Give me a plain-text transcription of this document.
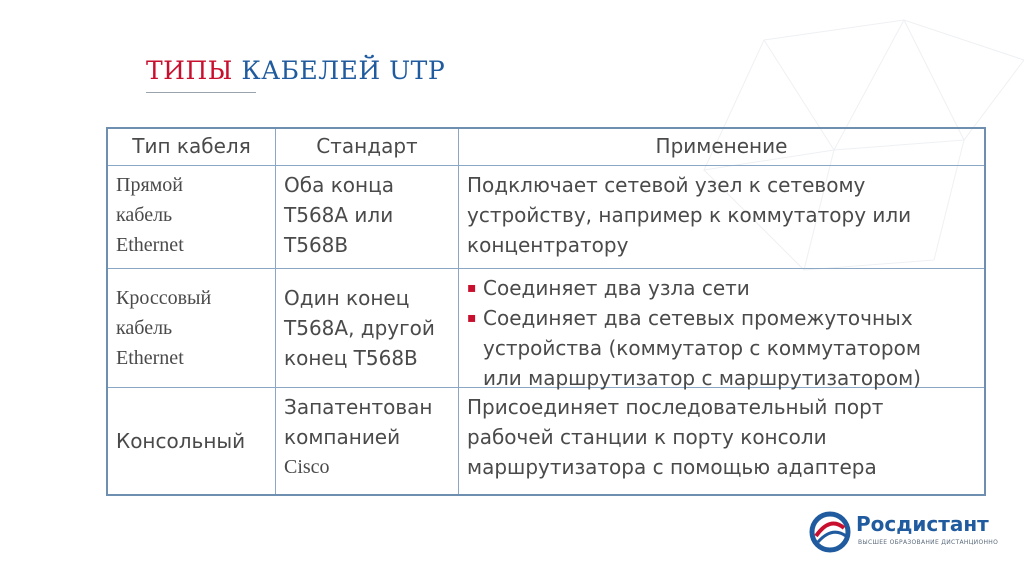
ТИПЫ КАБЕЛЕЙ UTP
Тип кабеля	Стандарт	Применение
Прямой
кабель
Ethernet
Оба конца
T568A или
T568B
Подключает сетевой узел к сетевому
устройству, например к коммутатору или
концентратору
Кроссовый
кабель
Ethernet
Один конец
T568A, другой
конец T568B
▪ Соединяет два узла сети
▪ Соединяет два сетевых промежуточных
устройства (коммутатор с коммутатором
или маршрутизатор с маршрутизатором)
Консольный
Запатентован
компанией
Cisco
Присоединяет последовательный порт
рабочей станции к порту консоли
маршрутизатора с помощью адаптера
Росдистант
ВЫСШЕЕ ОБРАЗОВАНИЕ ДИСТАНЦИОННО
